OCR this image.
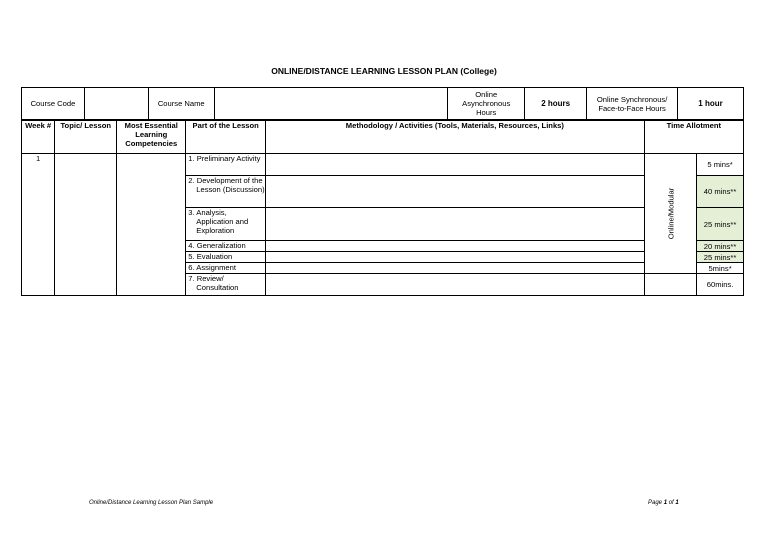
ONLINE/DISTANCE LEARNING LESSON PLAN (College)
Course Code		Course Name		Online Asynchronous Hours	2 hours	Online Synchronous/ Face-to-Face Hours	1 hour
Week #	Topic/ Lesson	Most Essential Learning Competencies	Part of the Lesson	Methodology / Activities (Tools, Materials, Resources, Links)	Time Allotment	
1			1. Preliminary Activity		Online/Modular	5 mins*

			2. Development of the Lesson (Discussion)			40 mins**

			3. Analysis, Application and Exploration			25 mins**

			4. Generalization			20 mins**

			5. Evaluation			25 mins**

			6. Assignment			5mins*

			7. Review/ Consultation			60mins.
Online/Distance Learning Lesson Plan Sample	Page 1 of 1
